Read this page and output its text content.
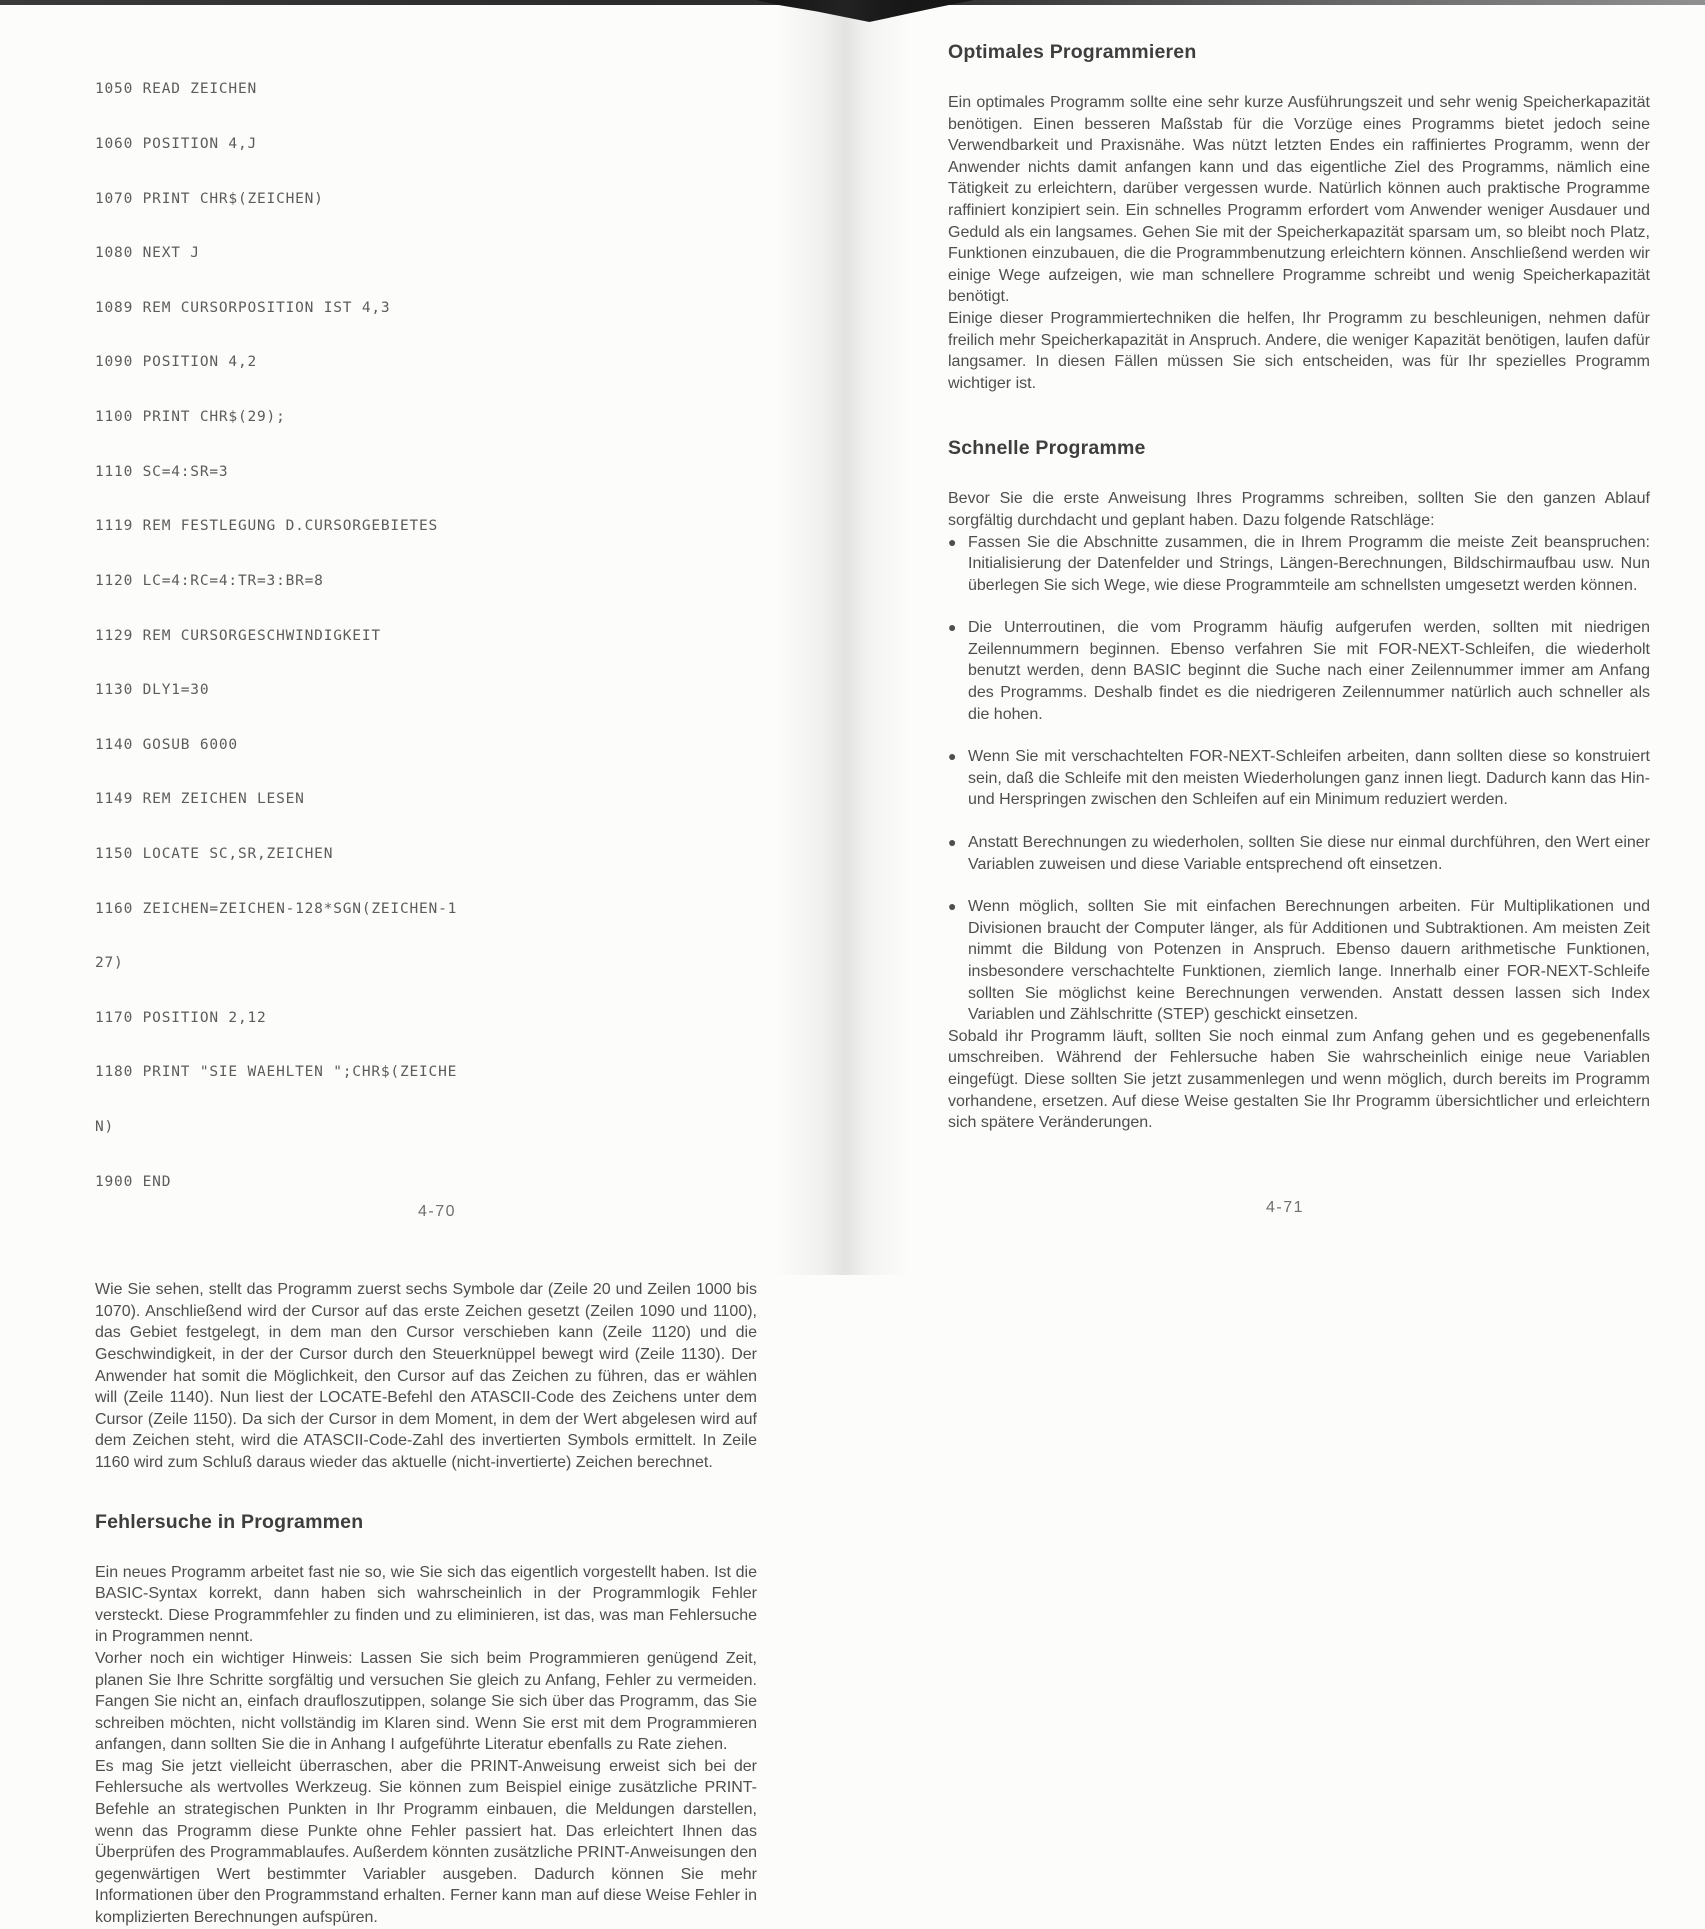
1050 READ ZEICHEN

1060 POSITION 4,J

1070 PRINT CHR$(ZEICHEN)

1080 NEXT J

1089 REM CURSORPOSITION IST 4,3

1090 POSITION 4,2

1100 PRINT CHR$(29);

1110 SC=4:SR=3

1119 REM FESTLEGUNG D.CURSORGEBIETES

1120 LC=4:RC=4:TR=3:BR=8

1129 REM CURSORGESCHWINDIGKEIT

1130 DLY1=30

1140 GOSUB 6000

1149 REM ZEICHEN LESEN

1150 LOCATE SC,SR,ZEICHEN

1160 ZEICHEN=ZEICHEN-128*SGN(ZEICHEN-1

27)

1170 POSITION 2,12

1180 PRINT "SIE WAEHLTEN ";CHR$(ZEICHE

N)

1900 END

Wie Sie sehen, stellt das Programm zuerst sechs Symbole dar (Zeile 20 und Zeilen 1000 bis 1070). Anschließend wird der Cursor auf das erste Zeichen gesetzt (Zeilen 1090 und 1100), das Gebiet festgelegt, in dem man den Cursor verschieben kann (Zeile 1120) und die Geschwindigkeit, in der der Cursor durch den Steuerknüppel bewegt wird (Zeile 1130). Der Anwender hat somit die Möglichkeit, den Cursor auf das Zeichen zu führen, das er wählen will (Zeile 1140). Nun liest der LOCATE-Befehl den ATASCII-Code des Zeichens unter dem Cursor (Zeile 1150). Da sich der Cursor in dem Moment, in dem der Wert abgelesen wird auf dem Zeichen steht, wird die ATASCII-Code-Zahl des invertierten Symbols ermittelt. In Zeile 1160 wird zum Schluß daraus wieder das aktuelle (nicht-invertierte) Zeichen berechnet.

Fehlersuche in Programmen

Ein neues Programm arbeitet fast nie so, wie Sie sich das eigentlich vorgestellt haben. Ist die BASIC-Syntax korrekt, dann haben sich wahrscheinlich in der Programmlogik Fehler versteckt. Diese Programmfehler zu finden und zu eliminieren, ist das, was man Fehlersuche in Programmen nennt.

Vorher noch ein wichtiger Hinweis: Lassen Sie sich beim Programmieren genügend Zeit, planen Sie Ihre Schritte sorgfältig und versuchen Sie gleich zu Anfang, Fehler zu vermeiden. Fangen Sie nicht an, einfach draufloszutippen, solange Sie sich über das Programm, das Sie schreiben möchten, nicht vollständig im Klaren sind. Wenn Sie erst mit dem Programmieren anfangen, dann sollten Sie die in Anhang I aufgeführte Literatur ebenfalls zu Rate ziehen.

Es mag Sie jetzt vielleicht überraschen, aber die PRINT-Anweisung erweist sich bei der Fehlersuche als wertvolles Werkzeug. Sie können zum Beispiel einige zusätzliche PRINT-Befehle an strategischen Punkten in Ihr Programm einbauen, die Meldungen darstellen, wenn das Programm diese Punkte ohne Fehler passiert hat. Das erleichtert Ihnen das Überprüfen des Programmablaufes. Außerdem könnten zusätzliche PRINT-Anweisungen den gegenwärtigen Wert bestimmter Variabler ausgeben. Dadurch können Sie mehr Informationen über den Programmstand erhalten. Ferner kann man auf diese Weise Fehler in komplizierten Berechnungen aufspüren.

Optimales Programmieren

Ein optimales Programm sollte eine sehr kurze Ausführungszeit und sehr wenig Speicherkapazität benötigen. Einen besseren Maßstab für die Vorzüge eines Programms bietet jedoch seine Verwendbarkeit und Praxisnähe. Was nützt letzten Endes ein raffiniertes Programm, wenn der Anwender nichts damit anfangen kann und das eigentliche Ziel des Programms, nämlich eine Tätigkeit zu erleichtern, darüber vergessen wurde. Natürlich können auch praktische Programme raffiniert konzipiert sein. Ein schnelles Programm erfordert vom Anwender weniger Ausdauer und Geduld als ein langsames. Gehen Sie mit der Speicherkapazität sparsam um, so bleibt noch Platz, Funktionen einzubauen, die die Programmbenutzung erleichtern können. Anschließend werden wir einige Wege aufzeigen, wie man schnellere Programme schreibt und wenig Speicherkapazität benötigt.

Einige dieser Programmiertechniken die helfen, Ihr Programm zu beschleunigen, nehmen dafür freilich mehr Speicherkapazität in Anspruch. Andere, die weniger Kapazität benötigen, laufen dafür langsamer. In diesen Fällen müssen Sie sich entscheiden, was für Ihr spezielles Programm wichtiger ist.

Schnelle Programme

Bevor Sie die erste Anweisung Ihres Programms schreiben, sollten Sie den ganzen Ablauf sorgfältig durchdacht und geplant haben. Dazu folgende Ratschläge:

● Fassen Sie die Abschnitte zusammen, die in Ihrem Programm die meiste Zeit beanspruchen: Initialisierung der Datenfelder und Strings, Längen-Berechnungen, Bildschirmaufbau usw. Nun überlegen Sie sich Wege, wie diese Programmteile am schnellsten umgesetzt werden können.
● Die Unterroutinen, die vom Programm häufig aufgerufen werden, sollten mit niedrigen Zeilennummern beginnen. Ebenso verfahren Sie mit FOR-NEXT-Schleifen, die wiederholt benutzt werden, denn BASIC beginnt die Suche nach einer Zeilennummer immer am Anfang des Programms. Deshalb findet es die niedrigeren Zeilennummer natürlich auch schneller als die hohen.
● Wenn Sie mit verschachtelten FOR-NEXT-Schleifen arbeiten, dann sollten diese so konstruiert sein, daß die Schleife mit den meisten Wiederholungen ganz innen liegt. Dadurch kann das Hin- und Herspringen zwischen den Schleifen auf ein Minimum reduziert werden.
● Anstatt Berechnungen zu wiederholen, sollten Sie diese nur einmal durchführen, den Wert einer Variablen zuweisen und diese Variable entsprechend oft einsetzen.
● Wenn möglich, sollten Sie mit einfachen Berechnungen arbeiten. Für Multiplikationen und Divisionen braucht der Computer länger, als für Additionen und Subtraktionen. Am meisten Zeit nimmt die Bildung von Potenzen in Anspruch. Ebenso dauern arithmetische Funktionen, insbesondere verschachtelte Funktionen, ziemlich lange. Innerhalb einer FOR-NEXT-Schleife sollten Sie möglichst keine Berechnungen verwenden. Anstatt dessen lassen sich Index Variablen und Zählschritte (STEP) geschickt einsetzen.

Sobald ihr Programm läuft, sollten Sie noch einmal zum Anfang gehen und es gegebenenfalls umschreiben. Während der Fehlersuche haben Sie wahrscheinlich einige neue Variablen eingefügt. Diese sollten Sie jetzt zusammenlegen und wenn möglich, durch bereits im Programm vorhandene, ersetzen. Auf diese Weise gestalten Sie Ihr Programm übersichtlicher und erleichtern sich spätere Veränderungen.

4-70	4-71
